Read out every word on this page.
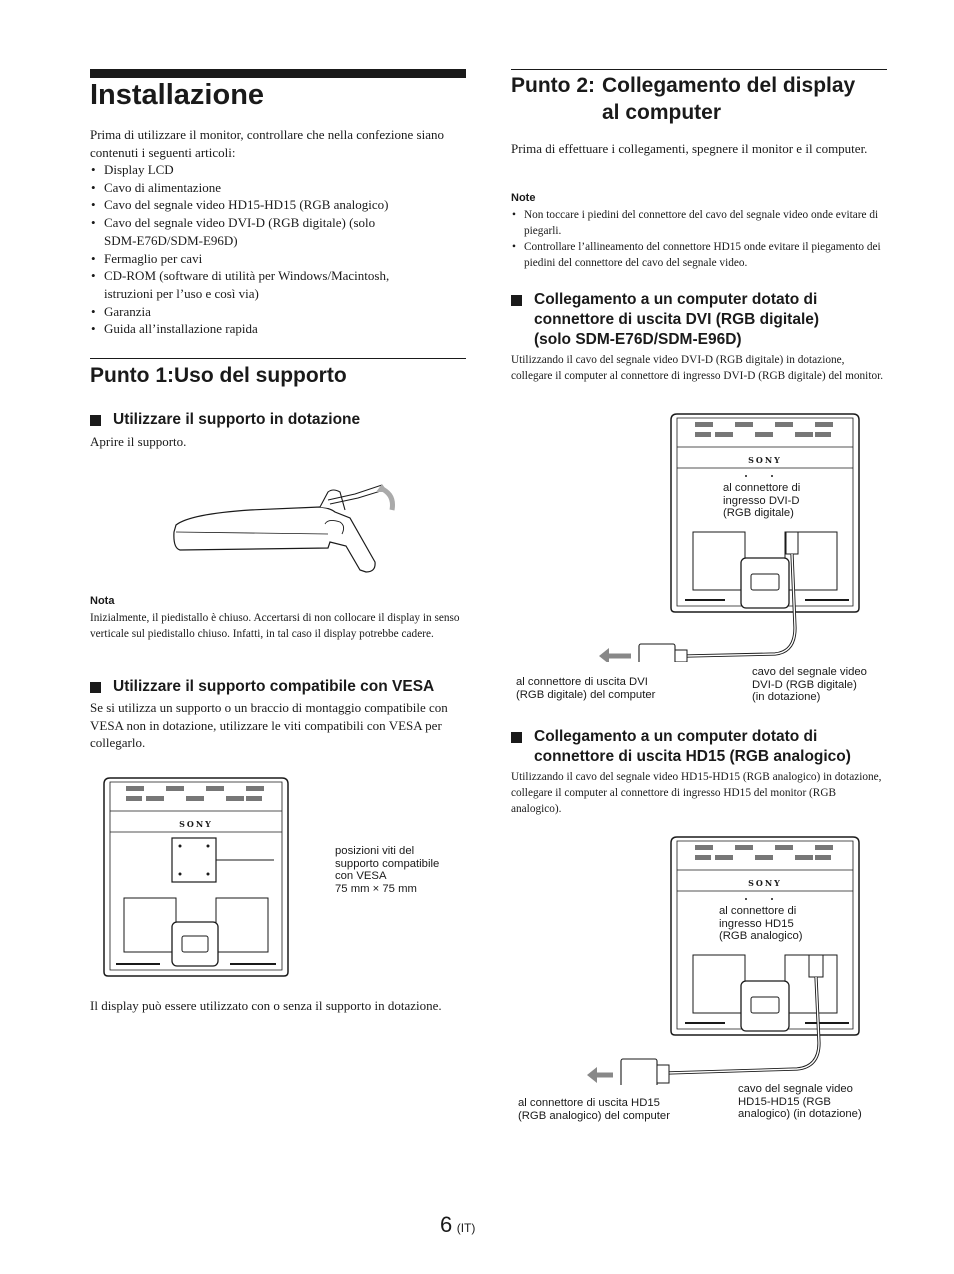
Installazione
Prima di utilizzare il monitor, controllare che nella confezione siano contenuti i seguenti articoli:
• Display LCD
• Cavo di alimentazione
• Cavo del segnale video HD15-HD15 (RGB analogico)
• Cavo del segnale video DVI-D (RGB digitale) (solo SDM-E76D/SDM-E96D)
• Fermaglio per cavi
• CD-ROM (software di utilità per Windows/Macintosh, istruzioni per l’uso e così via)
• Garanzia
• Guida all’installazione rapida
Punto 1:Uso del supporto
Utilizzare il supporto in dotazione
Aprire il supporto.
Nota
Inizialmente, il piedistallo è chiuso. Accertarsi di non collocare il display in senso verticale sul piedistallo chiuso. Infatti, in tal caso il display potrebbe cadere.
Utilizzare il supporto compatibile con VESA
Se si utilizza un supporto o un braccio di montaggio compatibile con VESA non in dotazione, utilizzare le viti compatibili con VESA per collegarlo.
SONY
posizioni viti del
supporto compatibile
con VESA
75 mm × 75 mm
Il display può essere utilizzato con o senza il supporto in dotazione.
Punto 2: Collegamento del display al computer
Prima di effettuare i collegamenti, spegnere il monitor e il computer.
Note
• Non toccare i piedini del connettore del cavo del segnale video onde evitare di piegarli.
• Controllare l’allineamento del connettore HD15 onde evitare il piegamento dei piedini del connettore del cavo del segnale video.
Collegamento a un computer dotato di connettore di uscita DVI (RGB digitale) (solo SDM-E76D/SDM-E96D)
Utilizzando il cavo del segnale video DVI-D (RGB digitale) in dotazione, collegare il computer al connettore di ingresso DVI-D (RGB digitale) del monitor.
SONY
al connettore di
ingresso DVI-D
(RGB digitale)
al connettore di uscita DVI
(RGB digitale) del computer
cavo del segnale video
DVI-D (RGB digitale)
(in dotazione)
Collegamento a un computer dotato di connettore di uscita HD15 (RGB analogico)
Utilizzando il cavo del segnale video HD15-HD15 (RGB analogico) in dotazione, collegare il computer al connettore di ingresso HD15 del monitor (RGB analogico).
SONY
al connettore di
ingresso HD15
(RGB analogico)
al connettore di uscita HD15
(RGB analogico) del computer
cavo del segnale video
HD15-HD15 (RGB
analogico) (in dotazione)
6 (IT)
